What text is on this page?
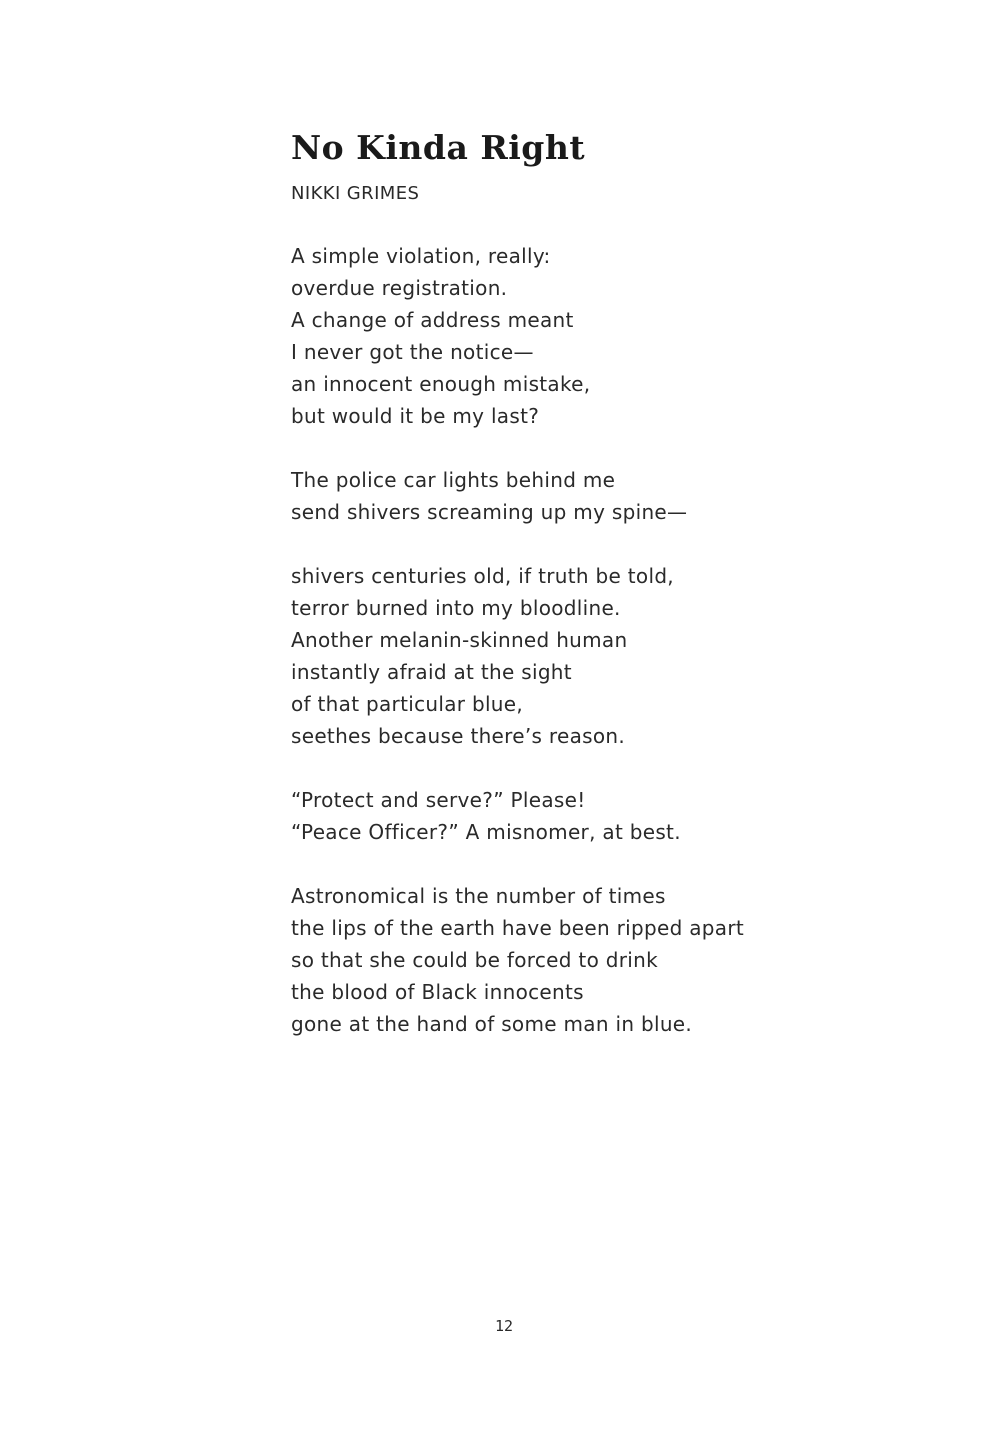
No Kinda Right

NIKKI GRIMES

A simple violation, really:
overdue registration.
A change of address meant
I never got the notice—
an innocent enough mistake,
but would it be my last?
The police car lights behind me
send shivers screaming up my spine—
shivers centuries old, if truth be told,
terror burned into my bloodline.
Another melanin-skinned human
instantly afraid at the sight
of that particular blue,
seethes because there’s reason.
“Protect and serve?” Please!
“Peace Officer?” A misnomer, at best.
Astronomical is the number of times
the lips of the earth have been ripped apart
so that she could be forced to drink
the blood of Black innocents
gone at the hand of some man in blue.
12
